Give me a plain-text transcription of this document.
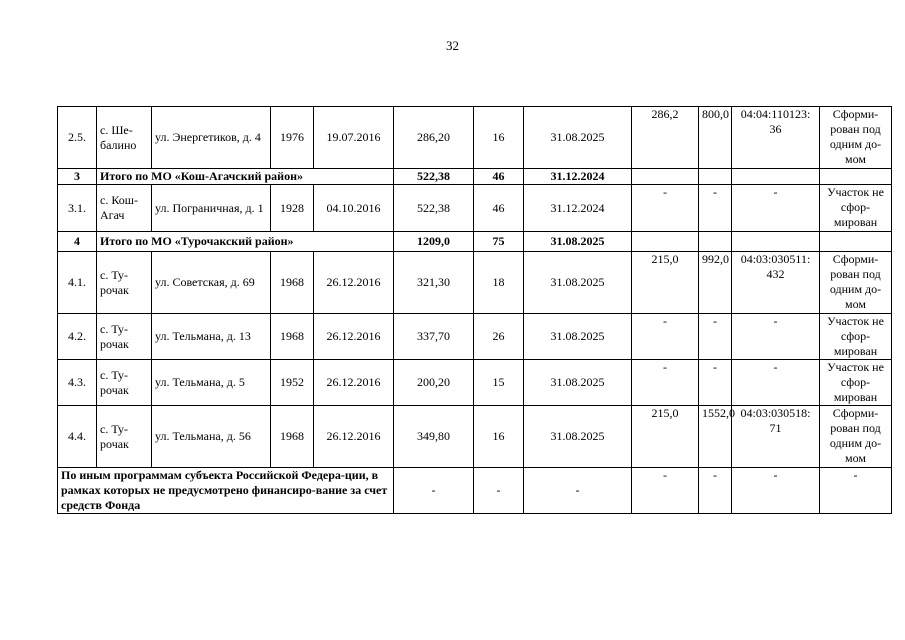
32
2.5.	с. Ше-балино	ул. Энергетиков, д. 4	1976	19.07.2016	286,20	16	31.08.2025	286,2	800,0	04:04:110123: 36	Сформи-рован под одним до-мом
3	Итого по МО «Кош-Агачский район»				522,38	46	31.12.2024				
3.1.	с. Кош-Агач	ул. Пограничная, д. 1	1928	04.10.2016	522,38	46	31.12.2024	-	-	-	Участок не сфор-мирован
4	Итого по МО «Турочакский район»				1209,0	75	31.08.2025				
4.1.	с. Ту-рочак	ул. Советская, д. 69	1968	26.12.2016	321,30	18	31.08.2025	215,0	992,0	04:03:030511: 432	Сформи-рован под одним до-мом
4.2.	с. Ту-рочак	ул. Тельмана, д. 13	1968	26.12.2016	337,70	26	31.08.2025	-	-	-	Участок не сфор-мирован
4.3.	с. Ту-рочак	ул. Тельмана, д. 5	1952	26.12.2016	200,20	15	31.08.2025	-	-	-	Участок не сфор-мирован
4.4.	с. Ту-рочак	ул. Тельмана, д. 56	1968	26.12.2016	349,80	16	31.08.2025	215,0	1552,0	04:03:030518: 71	Сформи-рован под одним до-мом
По иным программам субъекта Российской Федера-ции, в рамках которых не предусмотрено финансиро-вание за счет средств Фонда					-	-	-	-	-	-	-
